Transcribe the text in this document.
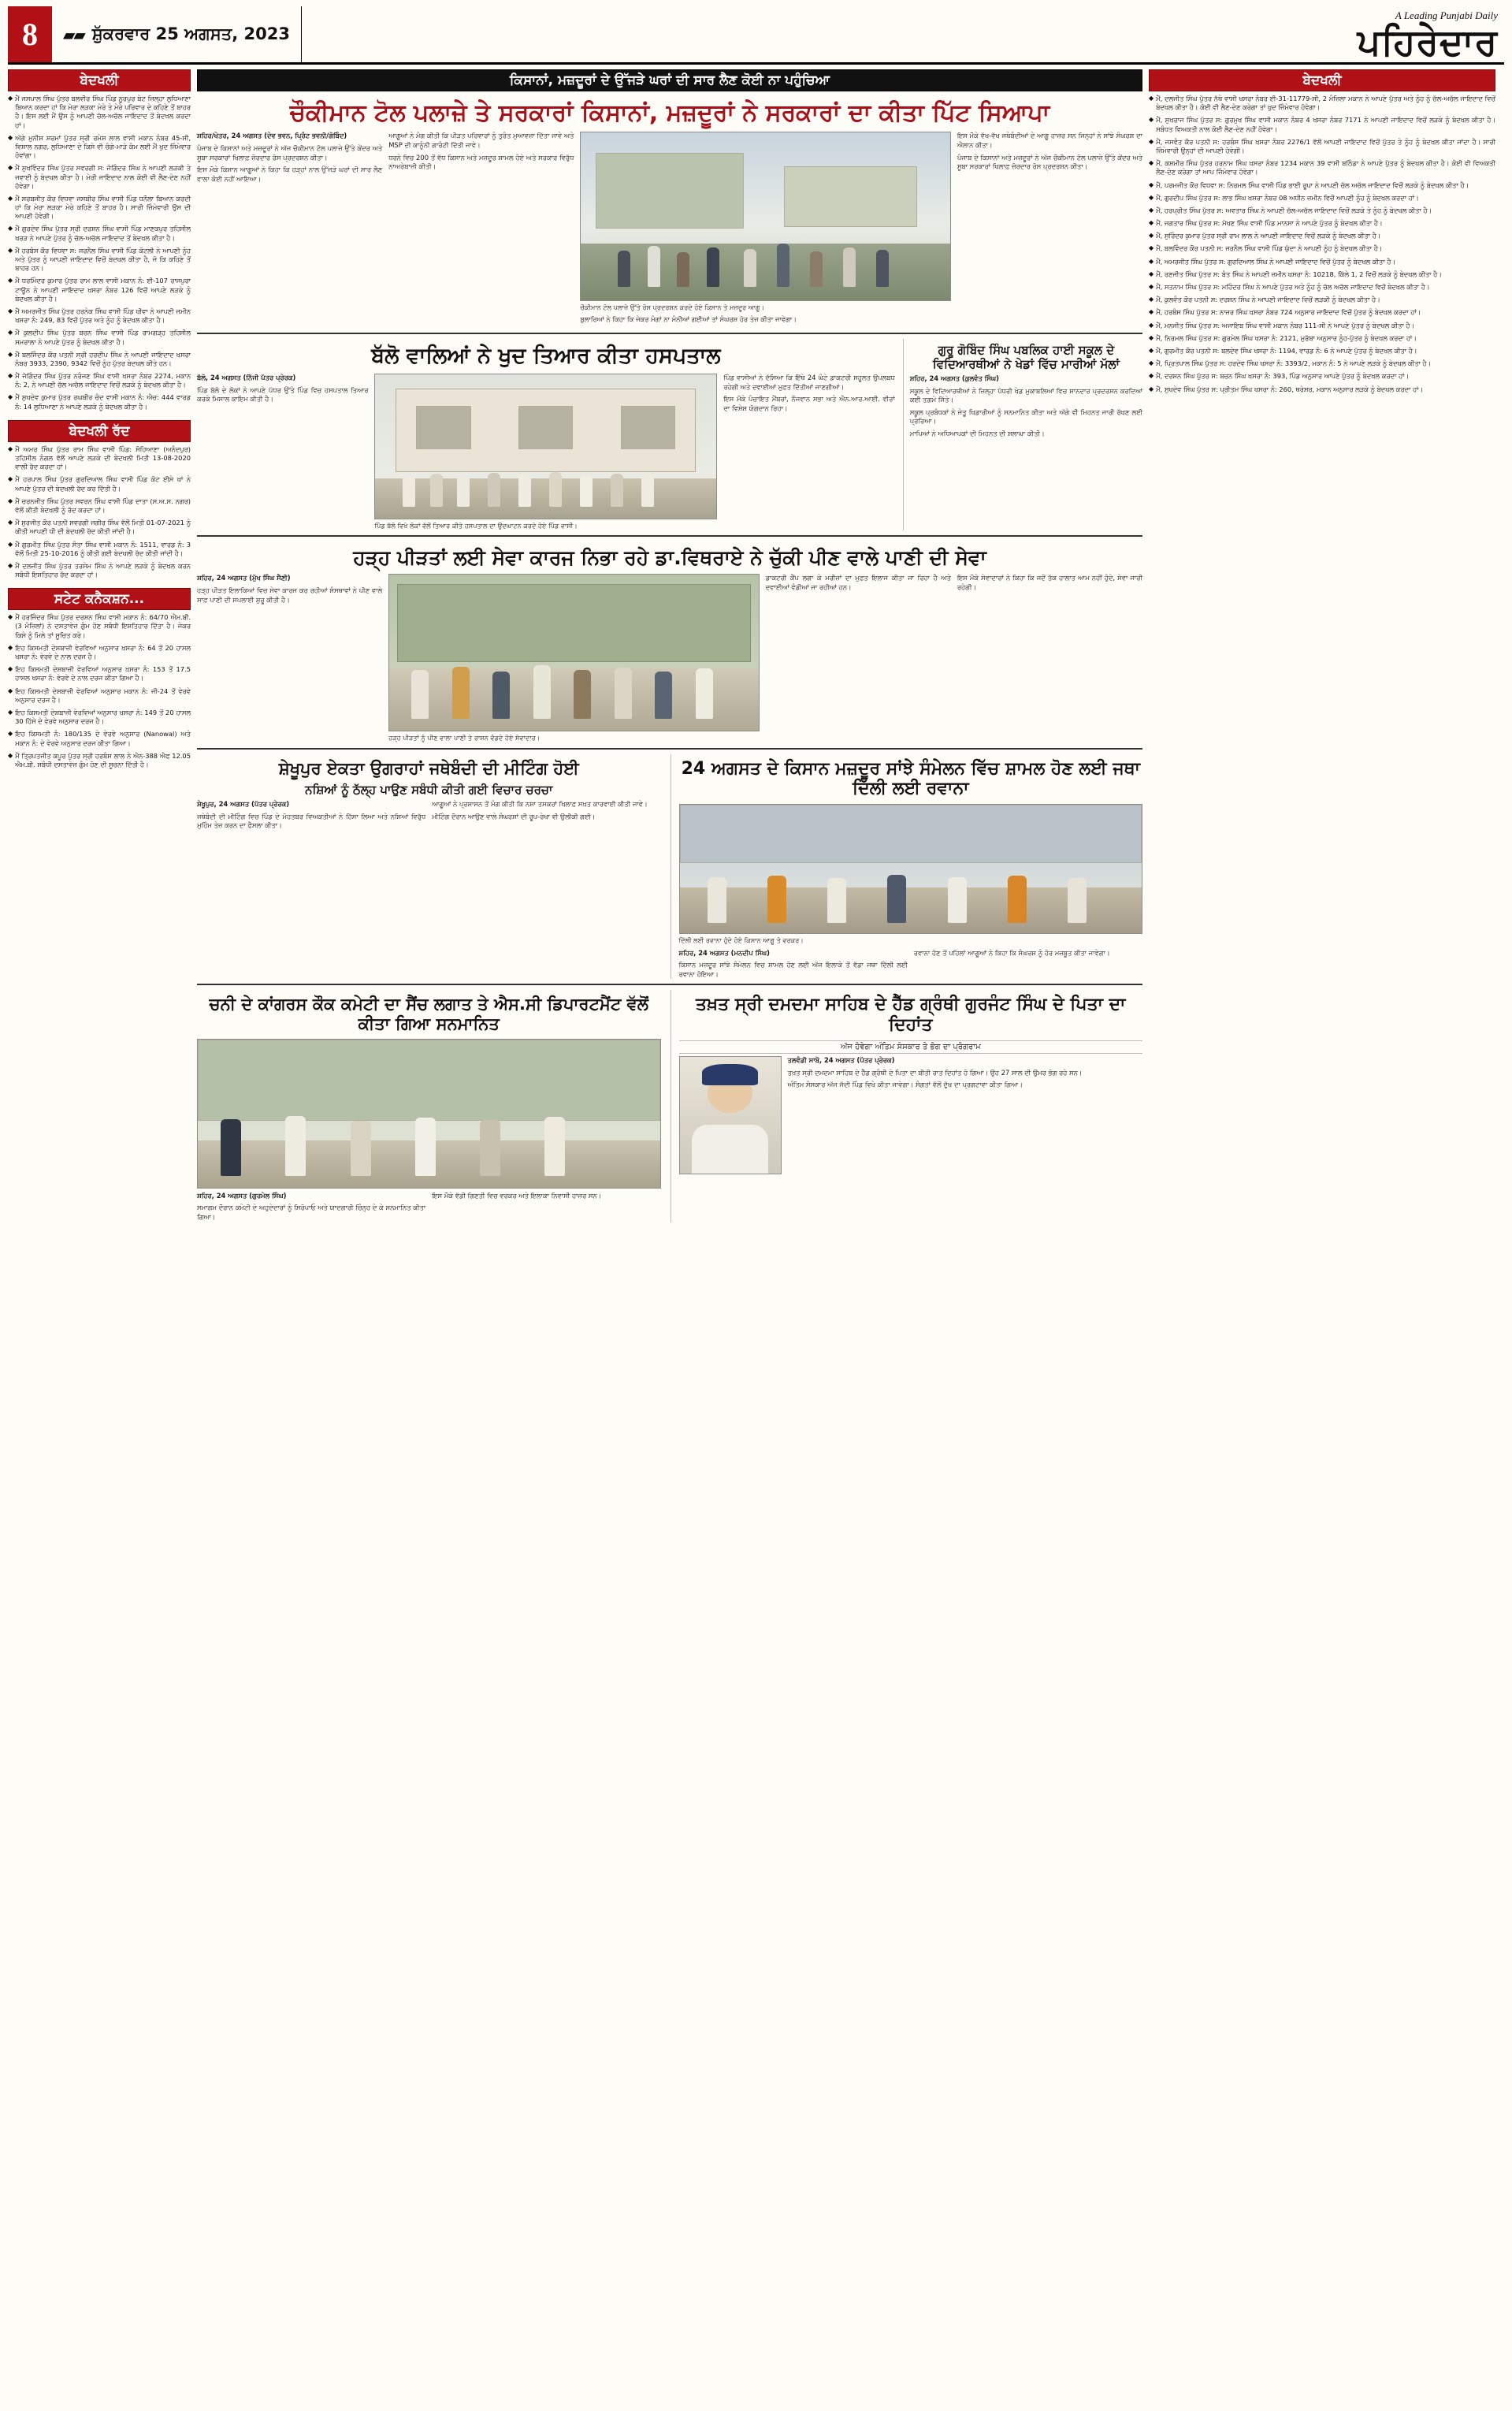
8	▰▰ ਸ਼ੁੱਕਰਵਾਰ 25 ਅਗਸਤ, 2023
A Leading Punjabi Daily
ਪਹਿਰੇਦਾਰ
ਬੇਦਖਲੀ
◆ ਮੈਂ ਜਸਪਾਲ ਸਿੰਘ ਪੁੱਤਰ ਬਲਵੀਰ ਸਿੰਘ ਪਿੰਡ ਨੂਰਪੁਰ ਬੇਟ ਜ਼ਿਲ੍ਹਾ ਲੁਧਿਆਣਾ ਬਿਆਨ ਕਰਦਾ ਹਾਂ ਕਿ ਮੇਰਾ ਲੜਕਾ ਮੇਰੇ ਤੇ ਮੇਰੇ ਪਰਿਵਾਰ ਦੇ ਕਹਿਣੇ ਤੋਂ ਬਾਹਰ ਹੈ। ਇਸ ਲਈ ਮੈਂ ਉਸ ਨੂੰ ਆਪਣੀ ਚੱਲ-ਅਚੱਲ ਜਾਇਦਾਦ ਤੋਂ ਬੇਦਖਲ ਕਰਦਾ ਹਾਂ।
◆ ਅੱਗੇ ਮੁਨੀਸ਼ ਸ਼ਰਮਾਂ ਪੁੱਤਰ ਸ੍ਰੀ ਰਮੇਸ਼ ਲਾਲ ਵਾਸੀ ਮਕਾਨ ਨੰਬਰ 45-ਸੀ, ਵਿਸ਼ਾਲ ਨਗਰ, ਲੁਧਿਆਣਾ ਦੇ ਕਿਸੇ ਵੀ ਚੰਗੇ-ਮਾੜੇ ਕੰਮ ਲਈ ਮੈਂ ਖੁਦ ਜ਼ਿੰਮੇਵਾਰ ਹੋਵਾਂਗਾ।
◆ ਮੈਂ ਸੁਖਵਿੰਦਰ ਸਿੰਘ ਪੁੱਤਰ ਸਵਰਗੀ ਸ: ਜੋਗਿੰਦਰ ਸਿੰਘ ਨੇ ਆਪਣੀ ਲੜਕੀ ਤੇ ਜਵਾਈ ਨੂੰ ਬੇਦਖਲ ਕੀਤਾ ਹੈ। ਮੇਰੀ ਜਾਇਦਾਦ ਨਾਲ ਕੋਈ ਵੀ ਲੈਣ-ਦੇਣ ਨਹੀਂ ਹੋਵੇਗਾ।
◆ ਮੈਂ ਸਰਬਜੀਤ ਕੌਰ ਵਿਧਵਾ ਜਸਬੀਰ ਸਿੰਘ ਵਾਸੀ ਪਿੰਡ ਧਨੌਲਾ ਬਿਆਨ ਕਰਦੀ ਹਾਂ ਕਿ ਮੇਰਾ ਲੜਕਾ ਮੇਰੇ ਕਹਿਣੇ ਤੋਂ ਬਾਹਰ ਹੈ। ਸਾਰੀ ਜ਼ਿੰਮੇਵਾਰੀ ਉਸ ਦੀ ਆਪਣੀ ਹੋਵੇਗੀ।
◆ ਮੈਂ ਗੁਰਦੇਵ ਸਿੰਘ ਪੁੱਤਰ ਸ੍ਰੀ ਦਰਸ਼ਨ ਸਿੰਘ ਵਾਸੀ ਪਿੰਡ ਮਾਣਕਪੁਰ ਤਹਿਸੀਲ ਖਰੜ ਨੇ ਆਪਣੇ ਪੁੱਤਰ ਨੂੰ ਚੱਲ-ਅਚੱਲ ਜਾਇਦਾਦ ਤੋਂ ਬੇਦਖਲ ਕੀਤਾ ਹੈ।
◆ ਮੈਂ ਹਰਬੰਸ ਕੌਰ ਵਿਧਵਾ ਸ: ਜਰਨੈਲ ਸਿੰਘ ਵਾਸੀ ਪਿੰਡ ਕੋਟਲੀ ਨੇ ਆਪਣੀ ਨੂੰਹ ਅਤੇ ਪੁੱਤਰ ਨੂੰ ਆਪਣੀ ਜਾਇਦਾਦ ਵਿਚੋਂ ਬੇਦਖਲ ਕੀਤਾ ਹੈ, ਜੋ ਕਿ ਕਹਿਣੇ ਤੋਂ ਬਾਹਰ ਹਨ।
◆ ਮੈਂ ਧਰਮਿੰਦਰ ਕੁਮਾਰ ਪੁੱਤਰ ਰਾਮ ਲਾਲ ਵਾਸੀ ਮਕਾਨ ਨੰ: ਈ-107 ਰਾਜਪੁਰਾ ਟਾਊਨ ਨੇ ਆਪਣੀ ਜਾਇਦਾਦ ਖਸਰਾ ਨੰਬਰ 126 ਵਿਚੋਂ ਆਪਣੇ ਲੜਕੇ ਨੂੰ ਬੇਦਖਲ ਕੀਤਾ ਹੈ।
◆ ਮੈਂ ਅਮਰਜੀਤ ਸਿੰਘ ਪੁੱਤਰ ਹਰਨੇਕ ਸਿੰਘ ਵਾਸੀ ਪਿੰਡ ਖੀਵਾ ਨੇ ਆਪਣੀ ਜ਼ਮੀਨ ਖਸਰਾ ਨੰ: 249, 83 ਵਿਚੋਂ ਪੁੱਤਰ ਅਤੇ ਨੂੰਹ ਨੂੰ ਬੇਦਖਲ ਕੀਤਾ ਹੈ।
◆ ਮੈਂ ਕੁਲਦੀਪ ਸਿੰਘ ਪੁੱਤਰ ਬਚਨ ਸਿੰਘ ਵਾਸੀ ਪਿੰਡ ਰਾਮਗੜ੍ਹ ਤਹਿਸੀਲ ਸਮਰਾਲਾ ਨੇ ਆਪਣੇ ਪੁੱਤਰ ਨੂੰ ਬੇਦਖਲ ਕੀਤਾ ਹੈ।
◆ ਮੈਂ ਬਲਜਿੰਦਰ ਕੌਰ ਪਤਨੀ ਸ੍ਰੀ ਹਰਦੀਪ ਸਿੰਘ ਨੇ ਆਪਣੀ ਜਾਇਦਾਦ ਖਸਰਾ ਨੰਬਰ 3933, 2390, 9342 ਵਿਚੋਂ ਨੂੰਹ ਪੁੱਤਰ ਬੇਦਖਲ ਕੀਤੇ ਹਨ।
◆ ਮੈਂ ਜੋਗਿੰਦਰ ਸਿੰਘ ਪੁੱਤਰ ਨਰੰਜਣ ਸਿੰਘ ਵਾਸੀ ਖਸਰਾ ਨੰਬਰ 2274, ਮਕਾਨ ਨੰ: 2, ਨੇ ਆਪਣੀ ਚੱਲ ਅਚੱਲ ਜਾਇਦਾਦ ਵਿਚੋਂ ਲੜਕੇ ਨੂੰ ਬੇਦਖਲ ਕੀਤਾ ਹੈ।
◆ ਮੈਂ ਸੁਖਦੇਵ ਕੁਮਾਰ ਪੁੱਤਰ ਰਘਬੀਰ ਚੰਦ ਵਾਸੀ ਮਕਾਨ ਨੰ: ਐਚ: 444 ਵਾਰਡ ਨੰ: 14 ਲੁਧਿਆਣਾ ਨੇ ਆਪਣੇ ਲੜਕੇ ਨੂੰ ਬੇਦਖਲ ਕੀਤਾ ਹੈ।
ਬੇਦਖਲੀ ਰੱਦ
◆ ਮੈਂ ਅਮਰ ਸਿੰਘ ਪੁੱਤਰ ਰਾਮ ਸਿੰਘ ਵਾਸੀ ਪਿੰਡ: ਸੋਹਿਆਣਾ (ਅਨੰਦਪੁਰ) ਤਹਿਸੀਲ ਨੰਗਲ ਵੱਲੋਂ ਆਪਣੇ ਲੜਕੇ ਦੀ ਬੇਦਖਲੀ ਮਿਤੀ 13-08-2020 ਵਾਲੀ ਰੱਦ ਕਰਦਾ ਹਾਂ।
◆ ਮੈਂ ਹਰਪਾਲ ਸਿੰਘ ਪੁੱਤਰ ਗੁਰਦਿਆਲ ਸਿੰਘ ਵਾਸੀ ਪਿੰਡ ਕੋਟ ਈਸੇ ਖਾਂ ਨੇ ਆਪਣੇ ਪੁੱਤਰ ਦੀ ਬੇਦਖਲੀ ਰੱਦ ਕਰ ਦਿੱਤੀ ਹੈ।
◆ ਮੈਂ ਚਰਨਜੀਤ ਸਿੰਘ ਪੁੱਤਰ ਸਵਰਨ ਸਿੰਘ ਵਾਸੀ ਪਿੰਡ ਦਾਤਾ (ਸ.ਅ.ਸ. ਨਗਰ) ਵੱਲੋਂ ਕੀਤੀ ਬੇਦਖਲੀ ਨੂੰ ਰੱਦ ਕਰਦਾ ਹਾਂ।
◆ ਮੈਂ ਸੁਰਜੀਤ ਕੌਰ ਪਤਨੀ ਸਵਰਗੀ ਜਗੀਰ ਸਿੰਘ ਵੱਲੋਂ ਮਿਤੀ 01-07-2021 ਨੂੰ ਕੀਤੀ ਆਪਣੀ ਧੀ ਦੀ ਬੇਦਖਲੀ ਰੱਦ ਕੀਤੀ ਜਾਂਦੀ ਹੈ।
◆ ਮੈਂ ਗੁਰਮੀਤ ਸਿੰਘ ਪੁੱਤਰ ਸੰਤਾ ਸਿੰਘ ਵਾਸੀ ਮਕਾਨ ਨੰ: 1511, ਵਾਰਡ ਨੰ: 3 ਵੱਲੋਂ ਮਿਤੀ 25-10-2016 ਨੂੰ ਕੀਤੀ ਗਈ ਬੇਦਖਲੀ ਰੱਦ ਕੀਤੀ ਜਾਂਦੀ ਹੈ।
◆ ਮੈਂ ਦਲਜੀਤ ਸਿੰਘ ਪੁੱਤਰ ਤਰਸੇਮ ਸਿੰਘ ਨੇ ਆਪਣੇ ਲੜਕੇ ਨੂੰ ਬੇਦਖਲ ਕਰਨ ਸਬੰਧੀ ਇਸ਼ਤਿਹਾਰ ਰੱਦ ਕਰਦਾ ਹਾਂ।
ਸਟੇਟ ਕਨੈਕਸ਼ਨ...
◆ ਮੈਂ ਹਰਜਿੰਦਰ ਸਿੰਘ ਪੁੱਤਰ ਦਰਸ਼ਨ ਸਿੰਘ ਵਾਸੀ ਮਕਾਨ ਨੰ: 64/70 ਐਮ.ਬੀ. (3 ਮੰਜ਼ਿਲਾਂ) ਨੇ ਦਸਤਾਵੇਜ਼ ਗੁੰਮ ਹੋਣ ਸਬੰਧੀ ਇਸ਼ਤਿਹਾਰ ਦਿੱਤਾ ਹੈ। ਜੇਕਰ ਕਿਸੇ ਨੂੰ ਮਿਲੇ ਤਾਂ ਸੂਚਿਤ ਕਰੇ।
◆ ਇਹ ਕਿਸਮਤੀ ਦੇਸ਼ਬਾਜ਼ੀ ਵੇਰਵਿਆਂ ਅਨੁਸਾਰ ਖ਼ਸਰਾ ਨੰ: 64 ਤੋਂ 20 ਹਾਸਲ ਖਸਰਾ ਨੰ: ਵੇਰਵੇ ਦੇ ਨਾਲ ਦਰਜ ਹੈ।
◆ ਇਹ ਕਿਸਮਤੀ ਦੇਸ਼ਬਾਜ਼ੀ ਵੇਰਵਿਆਂ ਅਨੁਸਾਰ ਖ਼ਸਰਾ ਨੰ: 153 ਤੋਂ 17.5 ਹਾਸਲ ਖਸਰਾ ਨੰ: ਵੇਰਵੇ ਦੇ ਨਾਲ ਦਰਜ ਕੀਤਾ ਗਿਆ ਹੈ।
◆ ਇਹ ਕਿਸਮਤੀ ਦੇਸ਼ਬਾਜ਼ੀ ਵੇਰਵਿਆਂ ਅਨੁਸਾਰ ਮਕਾਨ ਨੰ: ਜੀ-24 ਤੋਂ ਵੇਰਵੇ ਅਨੁਸਾਰ ਦਰਜ ਹੈ।
◆ ਇਹ ਕਿਸਮਤੀ ਦੇਸ਼ਬਾਜ਼ੀ ਵੇਰਵਿਆਂ ਅਨੁਸਾਰ ਖ਼ਸਰਾ ਨੰ: 149 ਤੋਂ 20 ਹਾਸਲ 30 ਹਿੱਸੇ ਦੇ ਵੇਰਵੇ ਅਨੁਸਾਰ ਦਰਜ ਹੈ।
◆ ਇਹ ਕਿਸਮਤੀ ਨੰ: 180/135 ਦੇ ਵੇਰਵੇ ਅਨੁਸਾਰ (Nanowal) ਅਤੇ ਮਕਾਨ ਨੰ: ਦੇ ਵੇਰਵੇ ਅਨੁਸਾਰ ਦਰਜ ਕੀਤਾ ਗਿਆ।
◆ ਮੈਂ ਤ੍ਰਿਪਤਜੀਤ ਕਪੂਰ ਪੁੱਤਰ ਸ੍ਰੀ ਹਰਬੰਸ ਲਾਲ ਨੇ ਐਨ-388 ਐਫ 12.05 ਐਮ.ਬੀ. ਸਬੰਧੀ ਦਸਤਾਵੇਜ਼ ਗੁੰਮ ਹੋਣ ਦੀ ਸੂਚਨਾ ਦਿੱਤੀ ਹੈ।
ਕਿਸਾਨਾਂ, ਮਜ਼ਦੂਰਾਂ ਦੇ ਉੱਜੜੇ ਘਰਾਂ ਦੀ ਸਾਰ ਲੈਣ ਕੋਈ ਨਾ ਪਹੁੰਚਿਆ
ਚੌਕੀਮਾਨ ਟੋਲ ਪਲਾਜ਼ੇ ਤੇ ਸਰਕਾਰਾਂ ਕਿਸਾਨਾਂ, ਮਜ਼ਦੂਰਾਂ ਨੇ ਸਰਕਾਰਾਂ ਦਾ ਕੀਤਾ ਪਿੱਟ ਸਿਆਪਾ

ਸ਼ਹਿਰ/ਖੇਤਰ, 24 ਅਗਸਤ (ਦੇਵ ਭਵਨ, ਪ੍ਰਿੰਟ ਭਵਨੀ/ਗੋਬਿੰਦ)

ਪੰਜਾਬ ਦੇ ਕਿਸਾਨਾਂ ਅਤੇ ਮਜ਼ਦੂਰਾਂ ਨੇ ਅੱਜ ਚੌਕੀਮਾਨ ਟੋਲ ਪਲਾਜ਼ੇ ਉੱਤੇ ਕੇਂਦਰ ਅਤੇ ਸੂਬਾ ਸਰਕਾਰਾਂ ਖਿਲਾਫ਼ ਜ਼ੋਰਦਾਰ ਰੋਸ ਪ੍ਰਦਰਸ਼ਨ ਕੀਤਾ।

ਇਸ ਮੌਕੇ ਕਿਸਾਨ ਆਗੂਆਂ ਨੇ ਕਿਹਾ ਕਿ ਹੜ੍ਹਾਂ ਨਾਲ ਉੱਜੜੇ ਘਰਾਂ ਦੀ ਸਾਰ ਲੈਣ ਵਾਲਾ ਕੋਈ ਨਹੀਂ ਆਇਆ।

ਆਗੂਆਂ ਨੇ ਮੰਗ ਕੀਤੀ ਕਿ ਪੀੜਤ ਪਰਿਵਾਰਾਂ ਨੂੰ ਤੁਰੰਤ ਮੁਆਵਜ਼ਾ ਦਿੱਤਾ ਜਾਵੇ ਅਤੇ MSP ਦੀ ਕਾਨੂੰਨੀ ਗਾਰੰਟੀ ਦਿੱਤੀ ਜਾਵੇ।

ਧਰਨੇ ਵਿਚ 200 ਤੋਂ ਵੱਧ ਕਿਸਾਨ ਅਤੇ ਮਜ਼ਦੂਰ ਸ਼ਾਮਲ ਹੋਏ ਅਤੇ ਸਰਕਾਰ ਵਿਰੁੱਧ ਨਾਅਰੇਬਾਜ਼ੀ ਕੀਤੀ।

ਚੌਕੀਮਾਨ ਟੋਲ ਪਲਾਜ਼ੇ ਉੱਤੇ ਰੋਸ ਪ੍ਰਦਰਸ਼ਨ ਕਰਦੇ ਹੋਏ ਕਿਸਾਨ ਤੇ ਮਜ਼ਦੂਰ ਆਗੂ।

ਬੁਲਾਰਿਆਂ ਨੇ ਕਿਹਾ ਕਿ ਜੇਕਰ ਮੰਗਾਂ ਨਾ ਮੰਨੀਆਂ ਗਈਆਂ ਤਾਂ ਸੰਘਰਸ਼ ਹੋਰ ਤੇਜ਼ ਕੀਤਾ ਜਾਵੇਗਾ।

ਇਸ ਮੌਕੇ ਵੱਖ-ਵੱਖ ਜਥੇਬੰਦੀਆਂ ਦੇ ਆਗੂ ਹਾਜ਼ਰ ਸਨ ਜਿਨ੍ਹਾਂ ਨੇ ਸਾਂਝੇ ਸੰਘਰਸ਼ ਦਾ ਐਲਾਨ ਕੀਤਾ।

ਪੰਜਾਬ ਦੇ ਕਿਸਾਨਾਂ ਅਤੇ ਮਜ਼ਦੂਰਾਂ ਨੇ ਅੱਜ ਚੌਕੀਮਾਨ ਟੋਲ ਪਲਾਜ਼ੇ ਉੱਤੇ ਕੇਂਦਰ ਅਤੇ ਸੂਬਾ ਸਰਕਾਰਾਂ ਖਿਲਾਫ਼ ਜ਼ੋਰਦਾਰ ਰੋਸ ਪ੍ਰਦਰਸ਼ਨ ਕੀਤਾ।

ਬੱਲੋ ਵਾਲਿਆਂ ਨੇ ਖੁਦ ਤਿਆਰ ਕੀਤਾ ਹਸਪਤਾਲ

ਬੱਲੋ, 24 ਅਗਸਤ (ਨਿੱਜੀ ਪੱਤਰ ਪ੍ਰੇਰਕ)

ਪਿੰਡ ਬੱਲੋ ਦੇ ਲੋਕਾਂ ਨੇ ਆਪਣੇ ਪੱਧਰ ਉੱਤੇ ਪਿੰਡ ਵਿਚ ਹਸਪਤਾਲ ਤਿਆਰ ਕਰਕੇ ਮਿਸਾਲ ਕਾਇਮ ਕੀਤੀ ਹੈ।

ਪਿੰਡ ਬੱਲੋ ਵਿਖੇ ਲੋਕਾਂ ਵੱਲੋਂ ਤਿਆਰ ਕੀਤੇ ਹਸਪਤਾਲ ਦਾ ਉਦਘਾਟਨ ਕਰਦੇ ਹੋਏ ਪਿੰਡ ਵਾਸੀ।

ਪਿੰਡ ਵਾਸੀਆਂ ਨੇ ਦੱਸਿਆ ਕਿ ਇੱਥੇ 24 ਘੰਟੇ ਡਾਕਟਰੀ ਸਹੂਲਤ ਉਪਲਬਧ ਰਹੇਗੀ ਅਤੇ ਦਵਾਈਆਂ ਮੁਫ਼ਤ ਦਿੱਤੀਆਂ ਜਾਣਗੀਆਂ।

ਇਸ ਮੌਕੇ ਪੰਚਾਇਤ ਮੈਂਬਰਾਂ, ਨੌਜਵਾਨ ਸਭਾ ਅਤੇ ਐਨ.ਆਰ.ਆਈ. ਵੀਰਾਂ ਦਾ ਵਿਸ਼ੇਸ਼ ਯੋਗਦਾਨ ਰਿਹਾ।

ਗੁਰੂ ਗੋਬਿੰਦ ਸਿੰਘ ਪਬਲਿਕ ਹਾਈ ਸਕੂਲ ਦੇ ਵਿਦਿਆਰਥੀਆਂ ਨੇ ਖੇਡਾਂ ਵਿੱਚ ਮਾਰੀਆਂ ਮੱਲਾਂ

ਸ਼ਹਿਰ, 24 ਅਗਸਤ (ਕੁਲਵੰਤ ਸਿੰਘ)

ਸਕੂਲ ਦੇ ਵਿਦਿਆਰਥੀਆਂ ਨੇ ਜ਼ਿਲ੍ਹਾ ਪੱਧਰੀ ਖੇਡ ਮੁਕਾਬਲਿਆਂ ਵਿਚ ਸ਼ਾਨਦਾਰ ਪ੍ਰਦਰਸ਼ਨ ਕਰਦਿਆਂ ਕਈ ਤਗ਼ਮੇ ਜਿੱਤੇ।

ਸਕੂਲ ਪ੍ਰਬੰਧਕਾਂ ਨੇ ਜੇਤੂ ਖਿਡਾਰੀਆਂ ਨੂੰ ਸਨਮਾਨਿਤ ਕੀਤਾ ਅਤੇ ਅੱਗੇ ਵੀ ਮਿਹਨਤ ਜਾਰੀ ਰੱਖਣ ਲਈ ਪ੍ਰੇਰਿਆ।

ਮਾਪਿਆਂ ਨੇ ਅਧਿਆਪਕਾਂ ਦੀ ਮਿਹਨਤ ਦੀ ਸ਼ਲਾਘਾ ਕੀਤੀ।

ਹੜ੍ਹ ਪੀੜਤਾਂ ਲਈ ਸੇਵਾ ਕਾਰਜ ਨਿਭਾ ਰਹੇ ਡਾ.ਵਿਥਰਾਏ ਨੇ ਚੁੱਕੀ ਪੀਣ ਵਾਲੇ ਪਾਣੀ ਦੀ ਸੇਵਾ

ਸ਼ਹਿਰ, 24 ਅਗਸਤ (ਮੁੱਖ ਸਿੰਘ ਸੈਣੀ)

ਹੜ੍ਹ ਪੀੜਤ ਇਲਾਕਿਆਂ ਵਿਚ ਸੇਵਾ ਕਾਰਜ ਕਰ ਰਹੀਆਂ ਸੰਸਥਾਵਾਂ ਨੇ ਪੀਣ ਵਾਲੇ ਸਾਫ਼ ਪਾਣੀ ਦੀ ਸਪਲਾਈ ਸ਼ੁਰੂ ਕੀਤੀ ਹੈ।

ਹੜ੍ਹ ਪੀੜਤਾਂ ਨੂੰ ਪੀਣ ਵਾਲਾ ਪਾਣੀ ਤੇ ਰਾਸ਼ਨ ਵੰਡਦੇ ਹੋਏ ਸੇਵਾਦਾਰ।

ਡਾਕਟਰੀ ਕੈਂਪ ਲਗਾ ਕੇ ਮਰੀਜ਼ਾਂ ਦਾ ਮੁਫ਼ਤ ਇਲਾਜ ਕੀਤਾ ਜਾ ਰਿਹਾ ਹੈ ਅਤੇ ਦਵਾਈਆਂ ਵੰਡੀਆਂ ਜਾ ਰਹੀਆਂ ਹਨ।

ਇਸ ਮੌਕੇ ਸੇਵਾਦਾਰਾਂ ਨੇ ਕਿਹਾ ਕਿ ਜਦੋਂ ਤੱਕ ਹਾਲਾਤ ਆਮ ਨਹੀਂ ਹੁੰਦੇ, ਸੇਵਾ ਜਾਰੀ ਰਹੇਗੀ।

ਸ਼ੇਖੂਪੁਰ ਏਕਤਾ ਉਗਰਾਹਾਂ ਜਥੇਬੰਦੀ ਦੀ ਮੀਟਿੰਗ ਹੋਈ
ਨਸ਼ਿਆਂ ਨੂੰ ਠੱਲ੍ਹ ਪਾਉਣ ਸਬੰਧੀ ਕੀਤੀ ਗਈ ਵਿਚਾਰ ਚਰਚਾ

ਸ਼ੇਖੂਪੁਰ, 24 ਅਗਸਤ (ਪੱਤਰ ਪ੍ਰੇਰਕ)

ਜਥੇਬੰਦੀ ਦੀ ਮੀਟਿੰਗ ਵਿਚ ਪਿੰਡ ਦੇ ਮੋਹਤਬਰ ਵਿਅਕਤੀਆਂ ਨੇ ਹਿੱਸਾ ਲਿਆ ਅਤੇ ਨਸ਼ਿਆਂ ਵਿਰੁੱਧ ਮੁਹਿੰਮ ਤੇਜ਼ ਕਰਨ ਦਾ ਫੈਸਲਾ ਕੀਤਾ।

ਆਗੂਆਂ ਨੇ ਪ੍ਰਸ਼ਾਸਨ ਤੋਂ ਮੰਗ ਕੀਤੀ ਕਿ ਨਸ਼ਾ ਤਸਕਰਾਂ ਖਿਲਾਫ਼ ਸਖ਼ਤ ਕਾਰਵਾਈ ਕੀਤੀ ਜਾਵੇ।

ਮੀਟਿੰਗ ਦੌਰਾਨ ਆਉਣ ਵਾਲੇ ਸੰਘਰਸ਼ਾਂ ਦੀ ਰੂਪ-ਰੇਖਾ ਵੀ ਉਲੀਕੀ ਗਈ।

24 ਅਗਸਤ ਦੇ ਕਿਸਾਨ ਮਜ਼ਦੂਰ ਸਾਂਝੇ ਸੰਮੇਲਨ ਵਿੱਚ ਸ਼ਾਮਲ ਹੋਣ ਲਈ ਜਥਾ ਦਿੱਲੀ ਲਈ ਰਵਾਨਾ
ਦਿੱਲੀ ਲਈ ਰਵਾਨਾ ਹੁੰਦੇ ਹੋਏ ਕਿਸਾਨ ਆਗੂ ਤੇ ਵਰਕਰ।

ਸ਼ਹਿਰ, 24 ਅਗਸਤ (ਮਨਦੀਪ ਸਿੰਘ)

ਕਿਸਾਨ ਮਜ਼ਦੂਰ ਸਾਂਝੇ ਸੰਮੇਲਨ ਵਿਚ ਸ਼ਾਮਲ ਹੋਣ ਲਈ ਅੱਜ ਇਲਾਕੇ ਤੋਂ ਵੱਡਾ ਜਥਾ ਦਿੱਲੀ ਲਈ ਰਵਾਨਾ ਹੋਇਆ।

ਰਵਾਨਾ ਹੋਣ ਤੋਂ ਪਹਿਲਾਂ ਆਗੂਆਂ ਨੇ ਕਿਹਾ ਕਿ ਸੰਘਰਸ਼ ਨੂੰ ਹੋਰ ਮਜ਼ਬੂਤ ਕੀਤਾ ਜਾਵੇਗਾ।

ਚਨੀ ਦੇ ਕਾਂਗਰਸ ਕੌਕ ਕਮੇਟੀ ਦਾ ਸੈਂਚ ਲਗਾਤ ਤੇ ਐਸ.ਸੀ ਡਿਪਾਰਟਮੈਂਟ ਵੱਲੋਂ ਕੀਤਾ ਗਿਆ ਸਨਮਾਨਿਤ

ਸ਼ਹਿਰ, 24 ਅਗਸਤ (ਗੁਰਮੇਲ ਸਿੰਘ)

ਸਮਾਗਮ ਦੌਰਾਨ ਕਮੇਟੀ ਦੇ ਅਹੁਦੇਦਾਰਾਂ ਨੂੰ ਸਿਰੋਪਾਓ ਅਤੇ ਯਾਦਗਾਰੀ ਚਿੰਨ੍ਹ ਦੇ ਕੇ ਸਨਮਾਨਿਤ ਕੀਤਾ ਗਿਆ।

ਇਸ ਮੌਕੇ ਵੱਡੀ ਗਿਣਤੀ ਵਿਚ ਵਰਕਰ ਅਤੇ ਇਲਾਕਾ ਨਿਵਾਸੀ ਹਾਜ਼ਰ ਸਨ।

ਤਖ਼ਤ ਸ੍ਰੀ ਦਮਦਮਾ ਸਾਹਿਬ ਦੇ ਹੈੱਡ ਗ੍ਰੰਥੀ ਗੁਰਜੰਟ ਸਿੰਘ ਦੇ ਪਿਤਾ ਦਾ ਦਿਹਾਂਤ
ਅੱਜ ਹੋਵੇਗਾ ਅੰਤਿਮ ਸੰਸਕਾਰ ਤੇ ਭੋਗ ਦਾ ਪ੍ਰੋਗਰਾਮ

ਤਲਵੰਡੀ ਸਾਬੋ, 24 ਅਗਸਤ (ਪੱਤਰ ਪ੍ਰੇਰਕ)

ਤਖ਼ਤ ਸ੍ਰੀ ਦਮਦਮਾ ਸਾਹਿਬ ਦੇ ਹੈੱਡ ਗ੍ਰੰਥੀ ਦੇ ਪਿਤਾ ਦਾ ਬੀਤੀ ਰਾਤ ਦਿਹਾਂਤ ਹੋ ਗਿਆ। ਉਹ 27 ਸਾਲ ਦੀ ਉਮਰ ਭੋਗ ਰਹੇ ਸਨ।

ਅੰਤਿਮ ਸੰਸਕਾਰ ਅੱਜ ਜੱਦੀ ਪਿੰਡ ਵਿਖੇ ਕੀਤਾ ਜਾਵੇਗਾ। ਸੰਗਤਾਂ ਵੱਲੋਂ ਦੁੱਖ ਦਾ ਪ੍ਰਗਟਾਵਾ ਕੀਤਾ ਗਿਆ।

ਬੇਦਖਲੀ
◆ ਮੈਂ, ਦਲਜੀਤ ਸਿੰਘ ਪੁੱਤਰ ਨੱਥੇ ਵਾਸੀ ਖਸਰਾ ਨੰਬਰ ਈ-31-11779-ਸੀ, 2 ਮੰਜ਼ਿਲਾ ਮਕਾਨ ਨੇ ਆਪਣੇ ਪੁੱਤਰ ਅਤੇ ਨੂੰਹ ਨੂੰ ਚੱਲ-ਅਚੱਲ ਜਾਇਦਾਦ ਵਿਚੋਂ ਬੇਦਖਲ ਕੀਤਾ ਹੈ। ਕੋਈ ਵੀ ਲੈਣ-ਦੇਣ ਕਰੇਗਾ ਤਾਂ ਖੁਦ ਜ਼ਿੰਮੇਵਾਰ ਹੋਵੇਗਾ।
◆ ਮੈਂ, ਸੁਖਰਾਜ ਸਿੰਘ ਪੁੱਤਰ ਸ: ਗੁਰਮੁਖ ਸਿੰਘ ਵਾਸੀ ਮਕਾਨ ਨੰਬਰ 4 ਖਸਰਾ ਨੰਬਰ 7171 ਨੇ ਆਪਣੀ ਜਾਇਦਾਦ ਵਿਚੋਂ ਲੜਕੇ ਨੂੰ ਬੇਦਖਲ ਕੀਤਾ ਹੈ। ਸਬੰਧਤ ਵਿਅਕਤੀ ਨਾਲ ਕੋਈ ਲੈਣ-ਦੇਣ ਨਹੀਂ ਹੋਵੇਗਾ।
◆ ਮੈਂ, ਜਸਵੰਤ ਕੌਰ ਪਤਨੀ ਸ: ਹਰਬੰਸ ਸਿੰਘ ਖਸਰਾ ਨੰਬਰ 2276/1 ਵੱਲੋਂ ਆਪਣੀ ਜਾਇਦਾਦ ਵਿਚੋਂ ਪੁੱਤਰ ਤੇ ਨੂੰਹ ਨੂੰ ਬੇਦਖਲ ਕੀਤਾ ਜਾਂਦਾ ਹੈ। ਸਾਰੀ ਜ਼ਿੰਮੇਵਾਰੀ ਉਨ੍ਹਾਂ ਦੀ ਆਪਣੀ ਹੋਵੇਗੀ।
◆ ਮੈਂ, ਕਸ਼ਮੀਰ ਸਿੰਘ ਪੁੱਤਰ ਹਰਨਾਮ ਸਿੰਘ ਖਸਰਾ ਨੰਬਰ 1234 ਮਕਾਨ 39 ਵਾਸੀ ਬਠਿੰਡਾ ਨੇ ਆਪਣੇ ਪੁੱਤਰ ਨੂੰ ਬੇਦਖਲ ਕੀਤਾ ਹੈ। ਕੋਈ ਵੀ ਵਿਅਕਤੀ ਲੈਣ-ਦੇਣ ਕਰੇਗਾ ਤਾਂ ਆਪ ਜ਼ਿੰਮੇਵਾਰ ਹੋਵੇਗਾ।
◆ ਮੈਂ, ਪਰਮਜੀਤ ਕੌਰ ਵਿਧਵਾ ਸ: ਨਿਰਮਲ ਸਿੰਘ ਵਾਸੀ ਪਿੰਡ ਭਾਈ ਰੂਪਾ ਨੇ ਆਪਣੀ ਚੱਲ ਅਚੱਲ ਜਾਇਦਾਦ ਵਿਚੋਂ ਲੜਕੇ ਨੂੰ ਬੇਦਖਲ ਕੀਤਾ ਹੈ।
◆ ਮੈਂ, ਗੁਰਦੀਪ ਸਿੰਘ ਪੁੱਤਰ ਸ: ਲਾਭ ਸਿੰਘ ਖਸਰਾ ਨੰਬਰ 08 ਅਧੀਨ ਜ਼ਮੀਨ ਵਿਚੋਂ ਆਪਣੀ ਨੂੰਹ ਨੂੰ ਬੇਦਖਲ ਕਰਦਾ ਹਾਂ।
◆ ਮੈਂ, ਹਰਪ੍ਰੀਤ ਸਿੰਘ ਪੁੱਤਰ ਸ: ਅਵਤਾਰ ਸਿੰਘ ਨੇ ਆਪਣੀ ਚੱਲ-ਅਚੱਲ ਜਾਇਦਾਦ ਵਿਚੋਂ ਲੜਕੇ ਤੇ ਨੂੰਹ ਨੂੰ ਬੇਦਖਲ ਕੀਤਾ ਹੈ।
◆ ਮੈਂ, ਜਗਤਾਰ ਸਿੰਘ ਪੁੱਤਰ ਸ: ਮੱਖਣ ਸਿੰਘ ਵਾਸੀ ਪਿੰਡ ਮਾਨਸਾ ਨੇ ਆਪਣੇ ਪੁੱਤਰ ਨੂੰ ਬੇਦਖਲ ਕੀਤਾ ਹੈ।
◆ ਮੈਂ, ਸੁਰਿੰਦਰ ਕੁਮਾਰ ਪੁੱਤਰ ਸ੍ਰੀ ਰਾਮ ਲਾਲ ਨੇ ਆਪਣੀ ਜਾਇਦਾਦ ਵਿਚੋਂ ਲੜਕੇ ਨੂੰ ਬੇਦਖਲ ਕੀਤਾ ਹੈ।
◆ ਮੈਂ, ਬਲਵਿੰਦਰ ਕੌਰ ਪਤਨੀ ਸ: ਜਰਨੈਲ ਸਿੰਘ ਵਾਸੀ ਪਿੰਡ ਘੁੱਦਾ ਨੇ ਆਪਣੀ ਨੂੰਹ ਨੂੰ ਬੇਦਖਲ ਕੀਤਾ ਹੈ।
◆ ਮੈਂ, ਅਮਰਜੀਤ ਸਿੰਘ ਪੁੱਤਰ ਸ: ਗੁਰਦਿਆਲ ਸਿੰਘ ਨੇ ਆਪਣੀ ਜਾਇਦਾਦ ਵਿਚੋਂ ਪੁੱਤਰ ਨੂੰ ਬੇਦਖਲ ਕੀਤਾ ਹੈ।
◆ ਮੈਂ, ਰਣਜੀਤ ਸਿੰਘ ਪੁੱਤਰ ਸ: ਬੰਤ ਸਿੰਘ ਨੇ ਆਪਣੀ ਜ਼ਮੀਨ ਖਸਰਾ ਨੰ: 10218, ਕਿੱਲੇ 1, 2 ਵਿਚੋਂ ਲੜਕੇ ਨੂੰ ਬੇਦਖਲ ਕੀਤਾ ਹੈ।
◆ ਮੈਂ, ਸਤਨਾਮ ਸਿੰਘ ਪੁੱਤਰ ਸ: ਮਹਿੰਦਰ ਸਿੰਘ ਨੇ ਆਪਣੇ ਪੁੱਤਰ ਅਤੇ ਨੂੰਹ ਨੂੰ ਚੱਲ ਅਚੱਲ ਜਾਇਦਾਦ ਵਿਚੋਂ ਬੇਦਖਲ ਕੀਤਾ ਹੈ।
◆ ਮੈਂ, ਕੁਲਵੰਤ ਕੌਰ ਪਤਨੀ ਸ: ਦਰਸ਼ਨ ਸਿੰਘ ਨੇ ਆਪਣੀ ਜਾਇਦਾਦ ਵਿਚੋਂ ਲੜਕੀ ਨੂੰ ਬੇਦਖਲ ਕੀਤਾ ਹੈ।
◆ ਮੈਂ, ਹਰਬੰਸ ਸਿੰਘ ਪੁੱਤਰ ਸ: ਨਾਜ਼ਰ ਸਿੰਘ ਖਸਰਾ ਨੰਬਰ 724 ਅਨੁਸਾਰ ਜਾਇਦਾਦ ਵਿਚੋਂ ਪੁੱਤਰ ਨੂੰ ਬੇਦਖਲ ਕਰਦਾ ਹਾਂ।
◆ ਮੈਂ, ਮਨਜੀਤ ਸਿੰਘ ਪੁੱਤਰ ਸ: ਅਜਾਇਬ ਸਿੰਘ ਵਾਸੀ ਮਕਾਨ ਨੰਬਰ 111-ਸੀ ਨੇ ਆਪਣੇ ਪੁੱਤਰ ਨੂੰ ਬੇਦਖਲ ਕੀਤਾ ਹੈ।
◆ ਮੈਂ, ਨਿਰਮਲ ਸਿੰਘ ਪੁੱਤਰ ਸ: ਗੁਰਮੇਲ ਸਿੰਘ ਖਸਰਾ ਨੰ: 2121, ਮੁਰੱਬਾ ਅਨੁਸਾਰ ਨੂੰਹ-ਪੁੱਤਰ ਨੂੰ ਬੇਦਖਲ ਕਰਦਾ ਹਾਂ।
◆ ਮੈਂ, ਗੁਰਮੀਤ ਕੌਰ ਪਤਨੀ ਸ: ਬਲਦੇਵ ਸਿੰਘ ਖਸਰਾ ਨੰ: 1194, ਵਾਰਡ ਨੰ: 6 ਨੇ ਆਪਣੇ ਪੁੱਤਰ ਨੂੰ ਬੇਦਖਲ ਕੀਤਾ ਹੈ।
◆ ਮੈਂ, ਪ੍ਰਿਤਪਾਲ ਸਿੰਘ ਪੁੱਤਰ ਸ: ਹਰਦੇਵ ਸਿੰਘ ਖਸਰਾ ਨੰ: 3393/2, ਮਕਾਨ ਨੰ: 5 ਨੇ ਆਪਣੇ ਲੜਕੇ ਨੂੰ ਬੇਦਖਲ ਕੀਤਾ ਹੈ।
◆ ਮੈਂ, ਦਰਸ਼ਨ ਸਿੰਘ ਪੁੱਤਰ ਸ: ਬਚਨ ਸਿੰਘ ਖਸਰਾ ਨੰ: 393, ਪਿੰਡ ਅਨੁਸਾਰ ਆਪਣੇ ਪੁੱਤਰ ਨੂੰ ਬੇਦਖਲ ਕਰਦਾ ਹਾਂ।
◆ ਮੈਂ, ਸੁਖਦੇਵ ਸਿੰਘ ਪੁੱਤਰ ਸ: ਪ੍ਰੀਤਮ ਸਿੰਘ ਖਸਰਾ ਨੰ: 260, ਥਰੇਸ਼ਰ, ਮਕਾਨ ਅਨੁਸਾਰ ਲੜਕੇ ਨੂੰ ਬੇਦਖਲ ਕਰਦਾ ਹਾਂ।
